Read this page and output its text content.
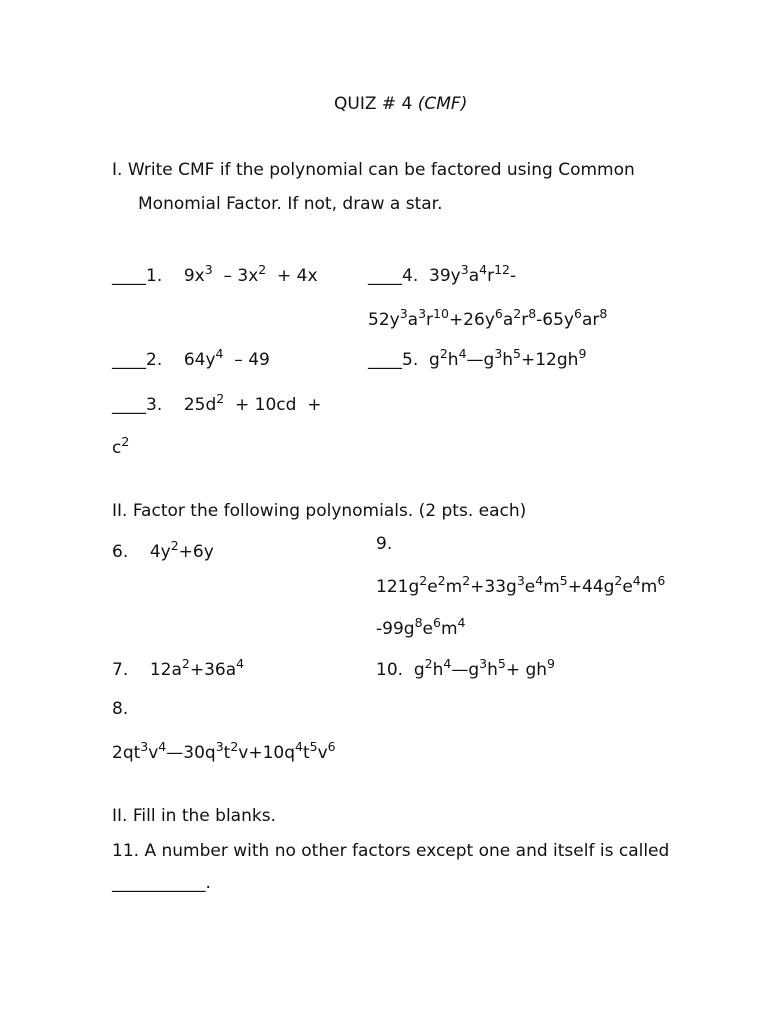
QUIZ # 4 (CMF)
I. Write CMF if the polynomial can be factored using Common
Monomial Factor. If not, draw a star.
____1.    $9x^3 - 3x^2 + 4x$	____4.  $39y^3a^4r^{12}-$
$52y^3a^3r^{10}+26y^6a^2r^8-65y^6ar^8$
____2.    $64y^4 - 49$	____5.  $g^2h^4—g^3h^5+12gh^9$
____3.    $25d^2 + 10cd$  +
$c^2$
II. Factor the following polynomials. (2 pts. each)
6.    $4y^2+6y$	9.
$121g^2e^2m^2+33g^3e^4m^5+44g^2e^4m^6$
$-99g^8e^6m^4$
7.    $12a^2+36a^4$	10.  $g^2h^4—g^3h^5+ gh^9$
8.
$2qt^3v^4—30q^3t^2v+10q^4t^5v^6$
II. Fill in the blanks.
11. A number with no other factors except one and itself is called
___________.
